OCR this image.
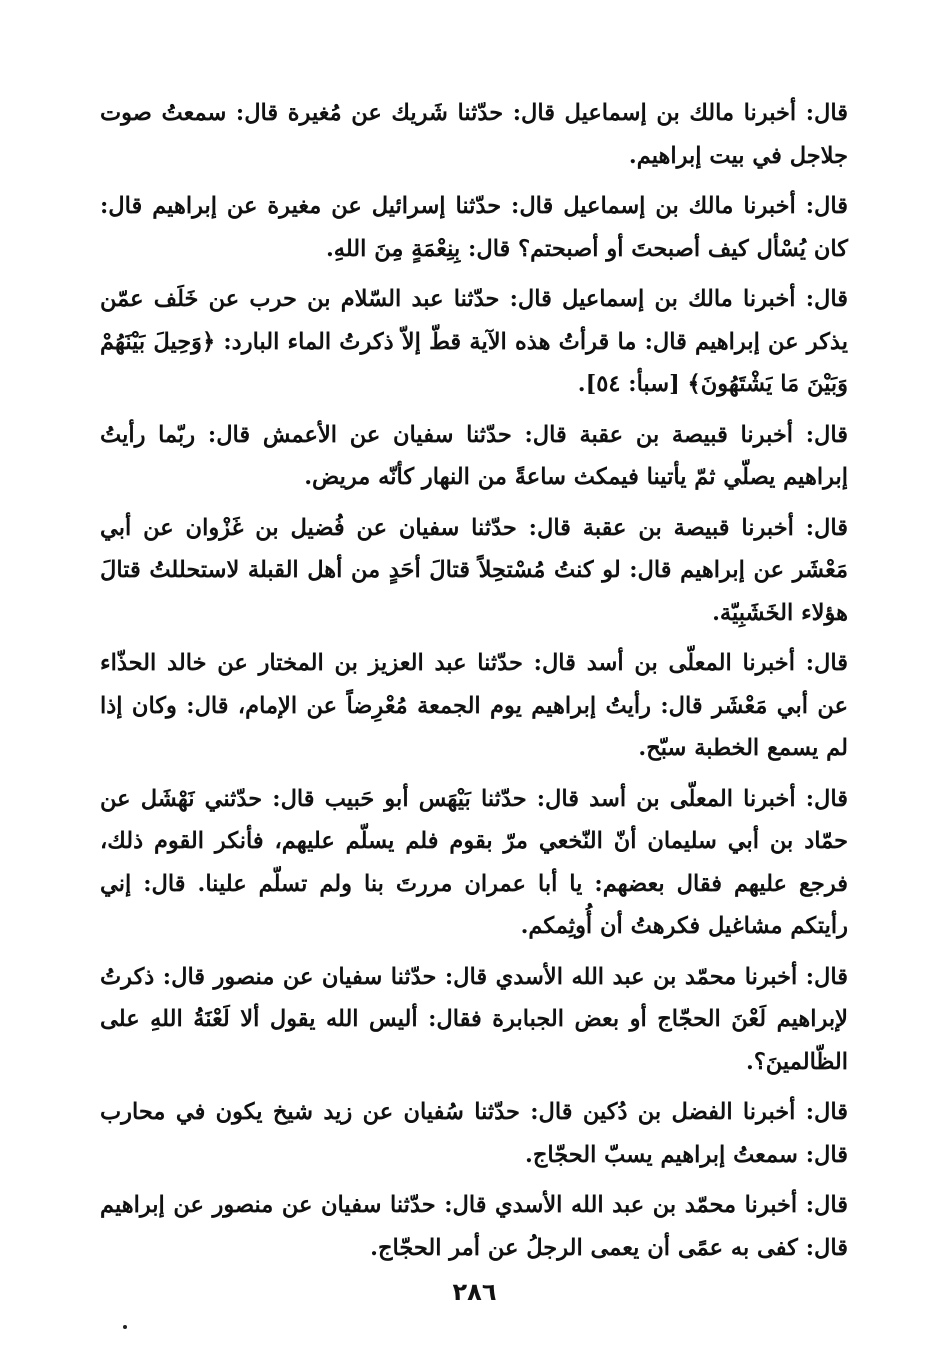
قال: أخبرنا مالك بن إسماعيل قال: حدّثنا شَريك عن مُغيرة قال: سمعتُ صوت جلاجل في بيت إبراهيم.

قال: أخبرنا مالك بن إسماعيل قال: حدّثنا إسرائيل عن مغيرة عن إبراهيم قال: كان يُسْأل كيف أصبحتَ أو أصبحتم؟ قال: بِنِعْمَةٍ مِنَ اللهِ.

قال: أخبرنا مالك بن إسماعيل قال: حدّثنا عبد السّلام بن حرب عن خَلَف عمّن يذكر عن إبراهيم قال: ما قرأتُ هذه الآية قطّ إلاّ ذكرتُ الماء البارد: ﴿وَحِيلَ بَيْنَهُمْ وَبَيْنَ مَا يَشْتَهُونَ﴾ [سبأ: ٥٤].

قال: أخبرنا قبيصة بن عقبة قال: حدّثنا سفيان عن الأعمش قال: ربّما رأيتُ إبراهيم يصلّي ثمّ يأتينا فيمكث ساعةً من النهار كأنّه مريض.

قال: أخبرنا قبيصة بن عقبة قال: حدّثنا سفيان عن فُضيل بن غَزْوان عن أبي مَعْشَر عن إبراهيم قال: لو كنتُ مُسْتحِلاً قتالَ أحَدٍ من أهل القبلة لاستحللتُ قتالَ هؤلاء الخَشَبِيّة.

قال: أخبرنا المعلّى بن أسد قال: حدّثنا عبد العزيز بن المختار عن خالد الحذّاء عن أبي مَعْشَر قال: رأيتُ إبراهيم يوم الجمعة مُعْرِضاً عن الإمام، قال: وكان إذا لم يسمع الخطبة سبّح.

قال: أخبرنا المعلّى بن أسد قال: حدّثنا بَيْهَس أبو حَبيب قال: حدّثني نَهْشَل عن حمّاد بن أبي سليمان أنّ النّخعي مرّ بقوم فلم يسلّم عليهم، فأنكر القوم ذلك، فرجع عليهم فقال بعضهم: يا أبا عمران مررتَ بنا ولم تسلّم علينا. قال: إني رأيتكم مشاغيل فكرهتُ أن أُوثِمكم.

قال: أخبرنا محمّد بن عبد الله الأسدي قال: حدّثنا سفيان عن منصور قال: ذكرتُ لإبراهيم لَعْنَ الحجّاج أو بعض الجبابرة فقال: أليس الله يقول ألا لَعْنَةُ اللهِ على الظّالمينَ؟.

قال: أخبرنا الفضل بن دُكين قال: حدّثنا سُفيان عن زيد شيخ يكون في محارب قال: سمعتُ إبراهيم يسبّ الحجّاج.

قال: أخبرنا محمّد بن عبد الله الأسدي قال: حدّثنا سفيان عن منصور عن إبراهيم قال: كفى به عمًى أن يعمى الرجلُ عن أمر الحجّاج.

٢٨٦
